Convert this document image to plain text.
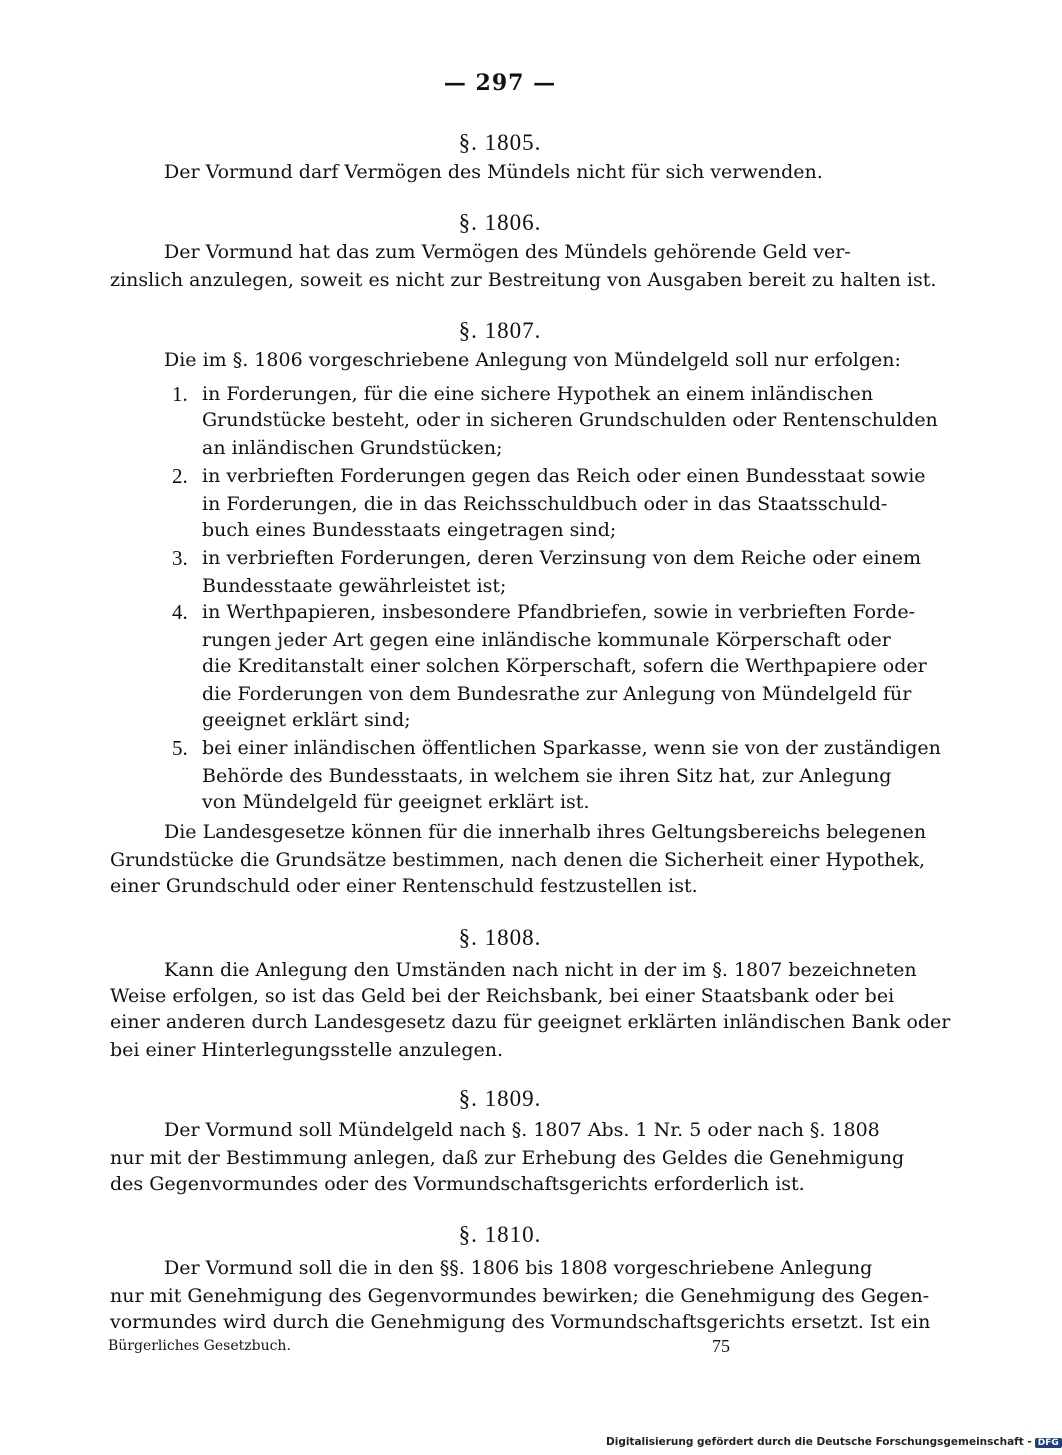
— 297 —
§. 1805.
Der Vormund darf Vermögen des Mündels nicht für sich verwenden.
§. 1806.
Der Vormund hat das zum Vermögen des Mündels gehörende Geld ver-
zinslich anzulegen, soweit es nicht zur Bestreitung von Ausgaben bereit zu halten ist.
§. 1807.
Die im §. 1806 vorgeschriebene Anlegung von Mündelgeld soll nur erfolgen:
1. in Forderungen, für die eine sichere Hypothek an einem inländischen
Grundstücke besteht, oder in sicheren Grundschulden oder Rentenschulden
an inländischen Grundstücken;
2. in verbrieften Forderungen gegen das Reich oder einen Bundesstaat sowie
in Forderungen, die in das Reichsschuldbuch oder in das Staatsschuld-
buch eines Bundesstaats eingetragen sind;
3. in verbrieften Forderungen, deren Verzinsung von dem Reiche oder einem
Bundesstaate gewährleistet ist;
4. in Werthpapieren, insbesondere Pfandbriefen, sowie in verbrieften Forde-
rungen jeder Art gegen eine inländische kommunale Körperschaft oder
die Kreditanstalt einer solchen Körperschaft, sofern die Werthpapiere oder
die Forderungen von dem Bundesrathe zur Anlegung von Mündelgeld für
geeignet erklärt sind;
5. bei einer inländischen öffentlichen Sparkasse, wenn sie von der zuständigen
Behörde des Bundesstaats, in welchem sie ihren Sitz hat, zur Anlegung
von Mündelgeld für geeignet erklärt ist.
Die Landesgesetze können für die innerhalb ihres Geltungsbereichs belegenen
Grundstücke die Grundsätze bestimmen, nach denen die Sicherheit einer Hypothek,
einer Grundschuld oder einer Rentenschuld festzustellen ist.
§. 1808.
Kann die Anlegung den Umständen nach nicht in der im §. 1807 bezeichneten
Weise erfolgen, so ist das Geld bei der Reichsbank, bei einer Staatsbank oder bei
einer anderen durch Landesgesetz dazu für geeignet erklärten inländischen Bank oder
bei einer Hinterlegungsstelle anzulegen.
§. 1809.
Der Vormund soll Mündelgeld nach §. 1807 Abs. 1 Nr. 5 oder nach §. 1808
nur mit der Bestimmung anlegen, daß zur Erhebung des Geldes die Genehmigung
des Gegenvormundes oder des Vormundschaftsgerichts erforderlich ist.
§. 1810.
Der Vormund soll die in den §§. 1806 bis 1808 vorgeschriebene Anlegung
nur mit Genehmigung des Gegenvormundes bewirken; die Genehmigung des Gegen-
vormundes wird durch die Genehmigung des Vormundschaftsgerichts ersetzt. Ist ein
Bürgerliches Gesetzbuch.	75
Digitalisierung gefördert durch die Deutsche Forschungsgemeinschaft - DFG
